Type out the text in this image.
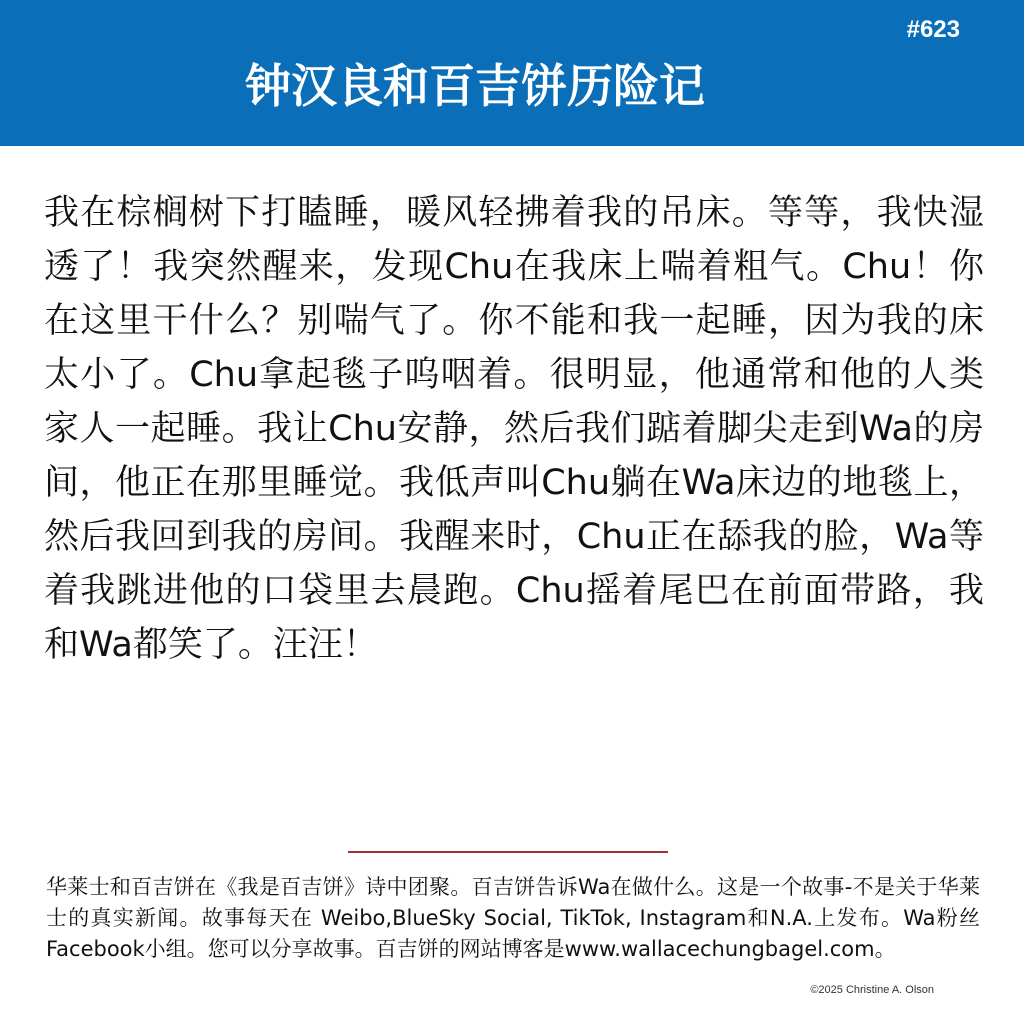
#623
钟汉良和百吉饼历险记
我在棕榈树下打瞌睡，暖风轻拂着我的吊床。等等，我快湿透了！我突然醒来，发现Chu在我床上喘着粗气。Chu！你在这里干什么？别喘气了。你不能和我一起睡，因为我的床太小了。Chu拿起毯子呜咽着。很明显，他通常和他的人类家人一起睡。我让Chu安静，然后我们踮着脚尖走到Wa的房间，他正在那里睡觉。我低声叫Chu躺在Wa床边的地毯上，然后我回到我的房间。我醒来时，Chu正在舔我的脸，Wa等着我跳进他的口袋里去晨跑。Chu摇着尾巴在前面带路，我和Wa都笑了。汪汪！
华莱士和百吉饼在《我是百吉饼》诗中团聚。百吉饼告诉Wa在做什么。这是一个故事-不是关于华莱士的真实新闻。故事每天在 Weibo,BlueSky Social, TikTok, Instagram和N.A.上发布。Wa粉丝Facebook小组。您可以分享故事。百吉饼的网站博客是www.wallacechungbagel.com。
©2025 Christine A. Olson
